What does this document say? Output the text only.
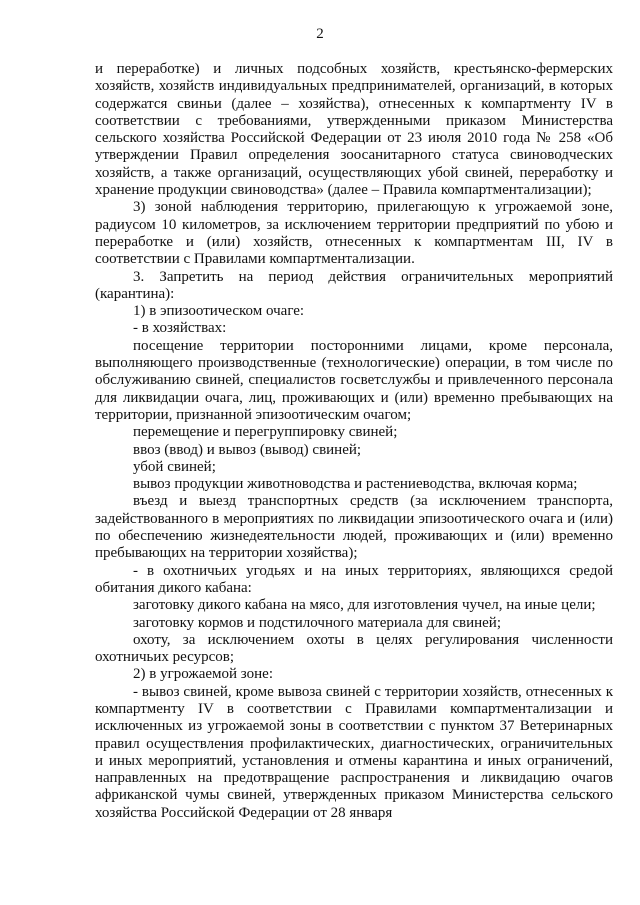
2

и переработке) и личных подсобных хозяйств, крестьянско-фермерских хозяйств, хозяйств индивидуальных предпринимателей, организаций, в которых содержатся свиньи (далее – хозяйства), отнесенных к компартменту IV в соответствии с требованиями, утвержденными приказом Министерства сельского хозяйства Российской Федерации от 23 июля 2010 года № 258 «Об утверждении Правил определения зоосанитарного статуса свиноводческих хозяйств, а также организаций, осуществляющих убой свиней, переработку и хранение продукции свиноводства» (далее – Правила компартментализации);

3) зоной наблюдения территорию, прилегающую к угрожаемой зоне, радиусом 10 километров, за исключением территории предприятий по убою и переработке и (или) хозяйств, отнесенных к компартментам III, IV в соответствии с Правилами компартментализации.

3. Запретить на период действия ограничительных мероприятий (карантина):

1) в эпизоотическом очаге:

- в хозяйствах:

посещение территории посторонними лицами, кроме персонала, выполняющего производственные (технологические) операции, в том числе по обслуживанию свиней, специалистов госветслужбы и привлеченного персонала для ликвидации очага, лиц, проживающих и (или) временно пребывающих на территории, признанной эпизоотическим очагом;

перемещение и перегруппировку свиней;

ввоз (ввод) и вывоз (вывод) свиней;

убой свиней;

вывоз продукции животноводства и растениеводства, включая корма;

въезд и выезд транспортных средств (за исключением транспорта, задействованного в мероприятиях по ликвидации эпизоотического очага и (или) по обеспечению жизнедеятельности людей, проживающих и (или) временно пребывающих на территории хозяйства);

- в охотничьих угодьях и на иных территориях, являющихся средой обитания дикого кабана:

заготовку дикого кабана на мясо, для изготовления чучел, на иные цели;

заготовку кормов и подстилочного материала для свиней;

охоту, за исключением охоты в целях регулирования численности охотничьих ресурсов;

2) в угрожаемой зоне:

- вывоз свиней, кроме вывоза свиней с территории хозяйств, отнесенных к компартменту IV в соответствии с Правилами компартментализации и исключенных из угрожаемой зоны в соответствии с пунктом 37 Ветеринарных правил осуществления профилактических, диагностических, ограничительных и иных мероприятий, установления и отмены карантина и иных ограничений, направленных на предотвращение распространения и ликвидацию очагов африканской чумы свиней, утвержденных приказом Министерства сельского хозяйства Российской Федерации от 28 января
